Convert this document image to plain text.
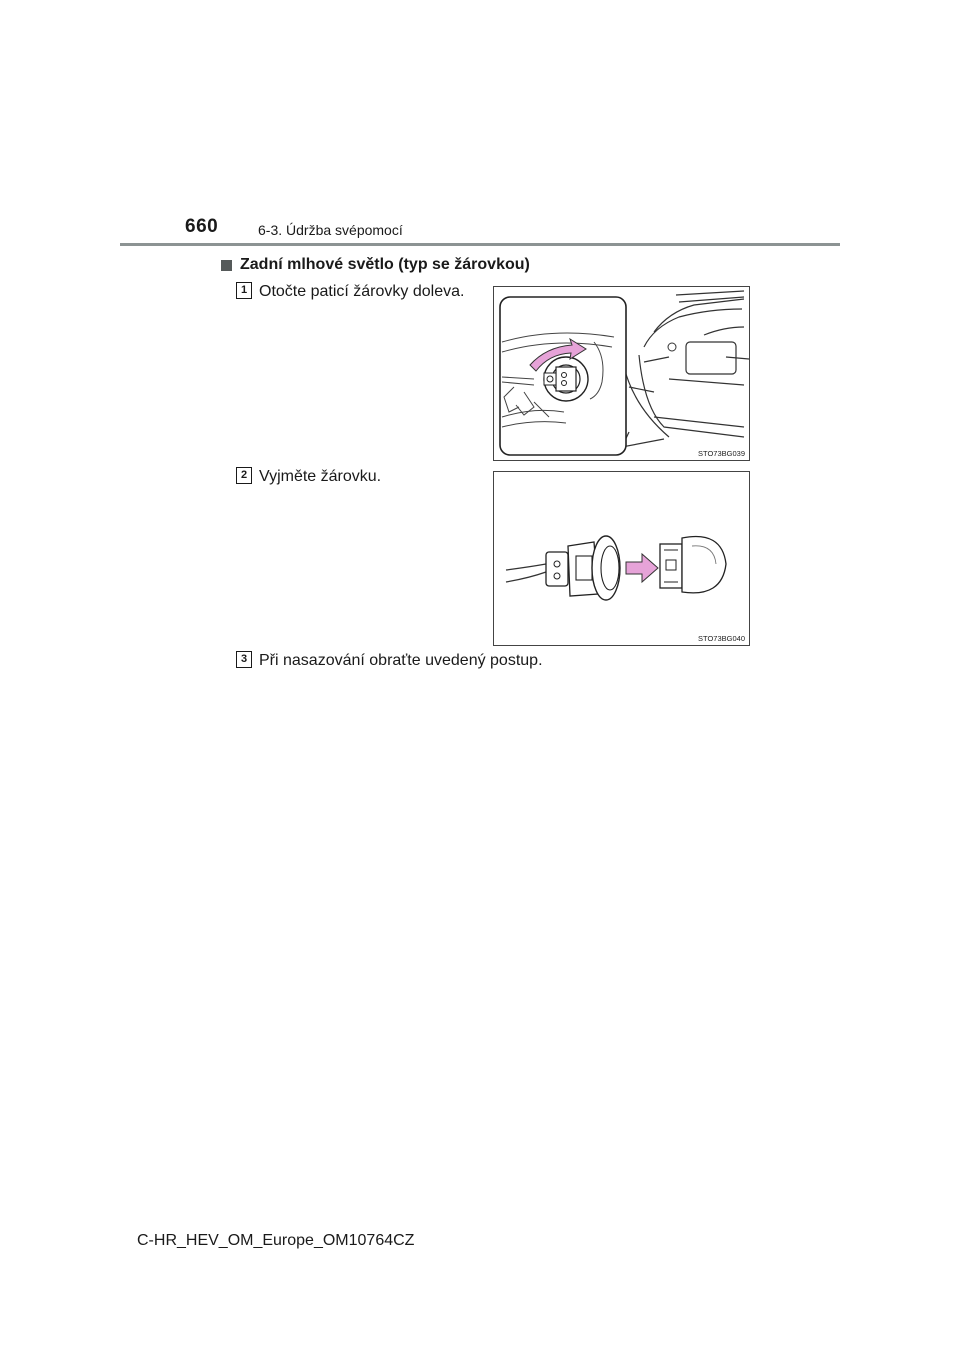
660	6-3. Údržba svépomocí
Zadní mlhové světlo (typ se žárovkou)
1 Otočte paticí žárovky doleva.
STO73BG039
2 Vyjměte žárovku.
STO73BG040
3 Při nasazování obraťte uvedený postup.
C-HR_HEV_OM_Europe_OM10764CZ
